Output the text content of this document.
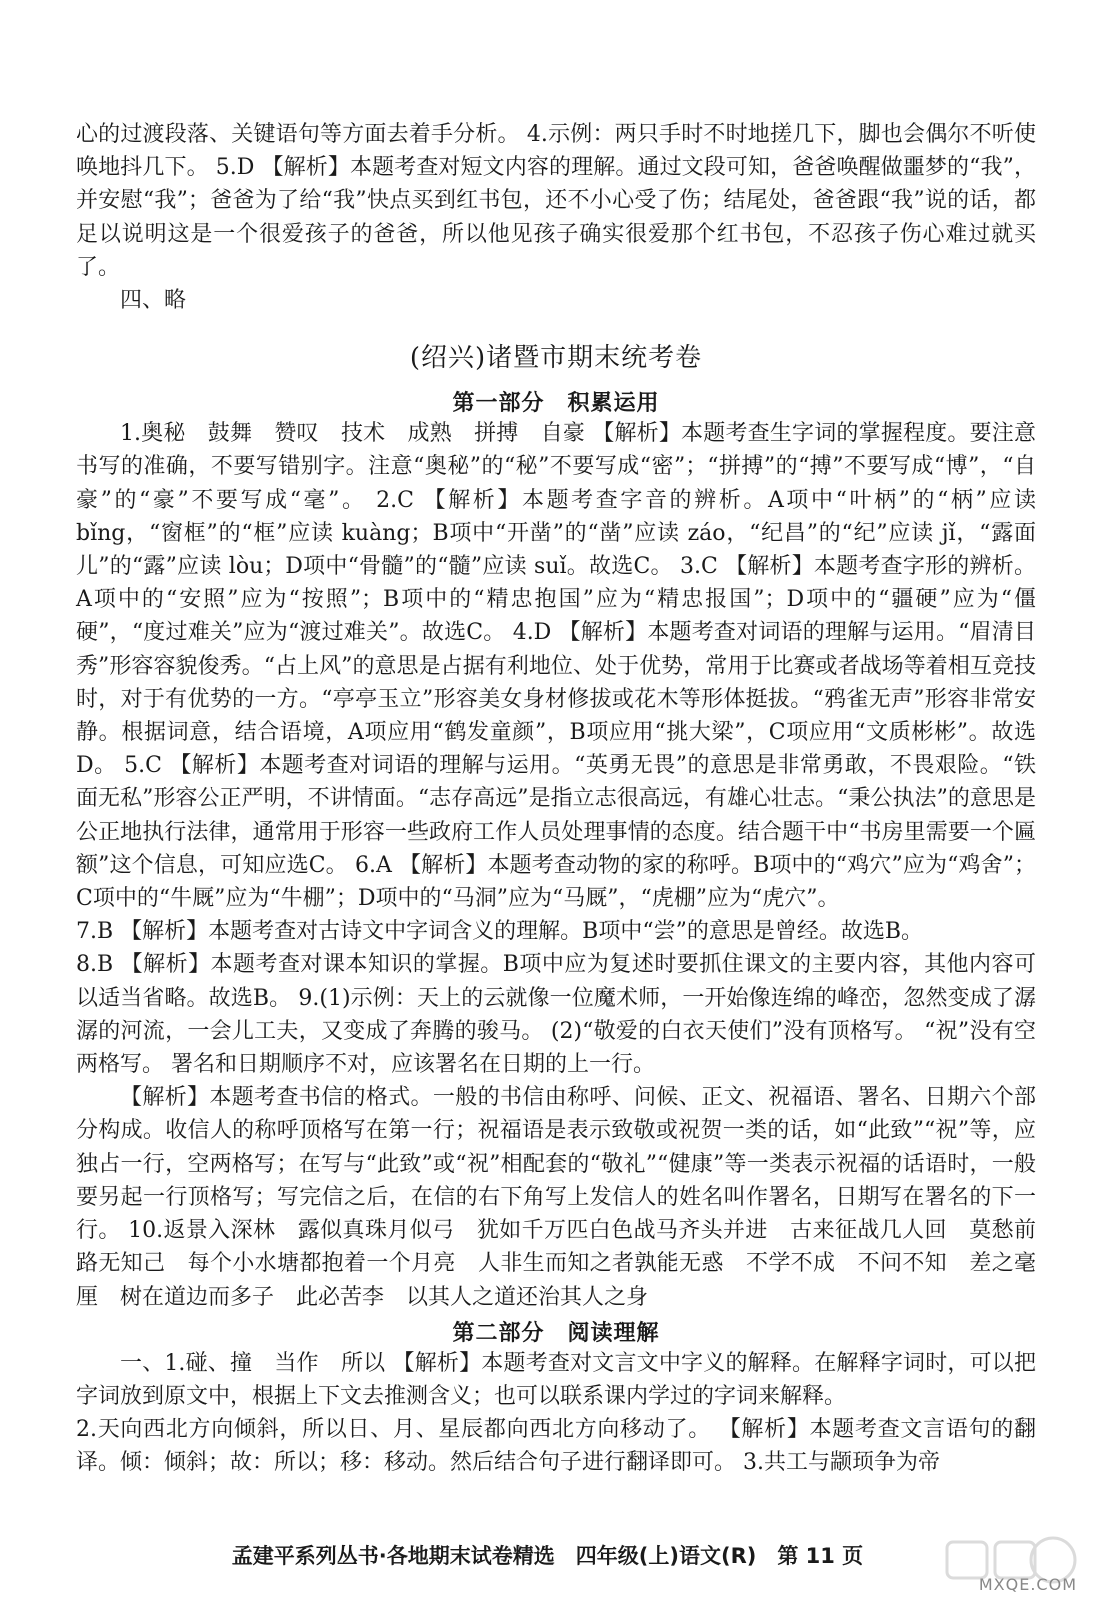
心的过渡段落、关键语句等方面去着手分析。 4.示例：两只手时不时地搓几下，脚也会偶尔不听使唤地抖几下。 5.D 【解析】本题考查对短文内容的理解。通过文段可知，爸爸唤醒做噩梦的“我”，并安慰“我”；爸爸为了给“我”快点买到红书包，还不小心受了伤；结尾处，爸爸跟“我”说的话，都足以说明这是一个很爱孩子的爸爸，所以他见孩子确实很爱那个红书包，不忍孩子伤心难过就买了。

四、略

(绍兴)诸暨市期末统考卷
第一部分　积累运用

1.奥秘　鼓舞　赞叹　技术　成熟　拼搏　自豪 【解析】本题考查生字词的掌握程度。要注意书写的准确，不要写错别字。注意“奥秘”的“秘”不要写成“密”；“拼搏”的“搏”不要写成“博”，“自豪”的“豪”不要写成“毫”。 2.C 【解析】本题考查字音的辨析。A项中“叶柄”的“柄”应读 bǐng，“窗框”的“框”应读 kuàng；B项中“开凿”的“凿”应读 záo，“纪昌”的“纪”应读 jǐ，“露面儿”的“露”应读 lòu；D项中“骨髓”的“髓”应读 suǐ。故选C。 3.C 【解析】本题考查字形的辨析。A项中的“安照”应为“按照”；B项中的“精忠抱国”应为“精忠报国”；D项中的“疆硬”应为“僵硬”，“度过难关”应为“渡过难关”。故选C。 4.D 【解析】本题考查对词语的理解与运用。“眉清目秀”形容容貌俊秀。“占上风”的意思是占据有利地位、处于优势，常用于比赛或者战场等着相互竞技时，对于有优势的一方。“亭亭玉立”形容美女身材修拔或花木等形体挺拔。“鸦雀无声”形容非常安静。根据词意，结合语境，A项应用“鹤发童颜”，B项应用“挑大梁”，C项应用“文质彬彬”。故选D。 5.C 【解析】本题考查对词语的理解与运用。“英勇无畏”的意思是非常勇敢，不畏艰险。“铁面无私”形容公正严明，不讲情面。“志存高远”是指立志很高远，有雄心壮志。“秉公执法”的意思是公正地执行法律，通常用于形容一些政府工作人员处理事情的态度。结合题干中“书房里需要一个匾额”这个信息，可知应选C。 6.A 【解析】本题考查动物的家的称呼。B项中的“鸡穴”应为“鸡舍”；C项中的“牛厩”应为“牛棚”；D项中的“马洞”应为“马厩”，“虎棚”应为“虎穴”。

7.B 【解析】本题考查对古诗文中字词含义的理解。B项中“尝”的意思是曾经。故选B。

8.B 【解析】本题考查对课本知识的掌握。B项中应为复述时要抓住课文的主要内容，其他内容可以适当省略。故选B。 9.(1)示例：天上的云就像一位魔术师，一开始像连绵的峰峦，忽然变成了潺潺的河流，一会儿工夫，又变成了奔腾的骏马。 (2)“敬爱的白衣天使们”没有顶格写。 “祝”没有空两格写。 署名和日期顺序不对，应该署名在日期的上一行。

【解析】本题考查书信的格式。一般的书信由称呼、问候、正文、祝福语、署名、日期六个部分构成。收信人的称呼顶格写在第一行；祝福语是表示致敬或祝贺一类的话，如“此致”“祝”等，应独占一行，空两格写；在写与“此致”或“祝”相配套的“敬礼”“健康”等一类表示祝福的话语时，一般要另起一行顶格写；写完信之后，在信的右下角写上发信人的姓名叫作署名，日期写在署名的下一行。 10.返景入深林　露似真珠月似弓　犹如千万匹白色战马齐头并进　古来征战几人回　莫愁前路无知己　每个小水塘都抱着一个月亮　人非生而知之者孰能无惑　不学不成　不问不知　差之毫厘　树在道边而多子　此必苦李　以其人之道还治其人之身

第二部分　阅读理解

一、1.碰、撞　当作　所以 【解析】本题考查对文言文中字义的解释。在解释字词时，可以把字词放到原文中，根据上下文去推测含义；也可以联系课内学过的字词来解释。

2.天向西北方向倾斜，所以日、月、星辰都向西北方向移动了。 【解析】本题考查文言语句的翻译。倾：倾斜；故：所以；移：移动。然后结合句子进行翻译即可。 3.共工与颛顼争为帝

孟建平系列丛书·各地期末试卷精选　四年级(上)语文(R)　第 11 页
MXQE.COM
